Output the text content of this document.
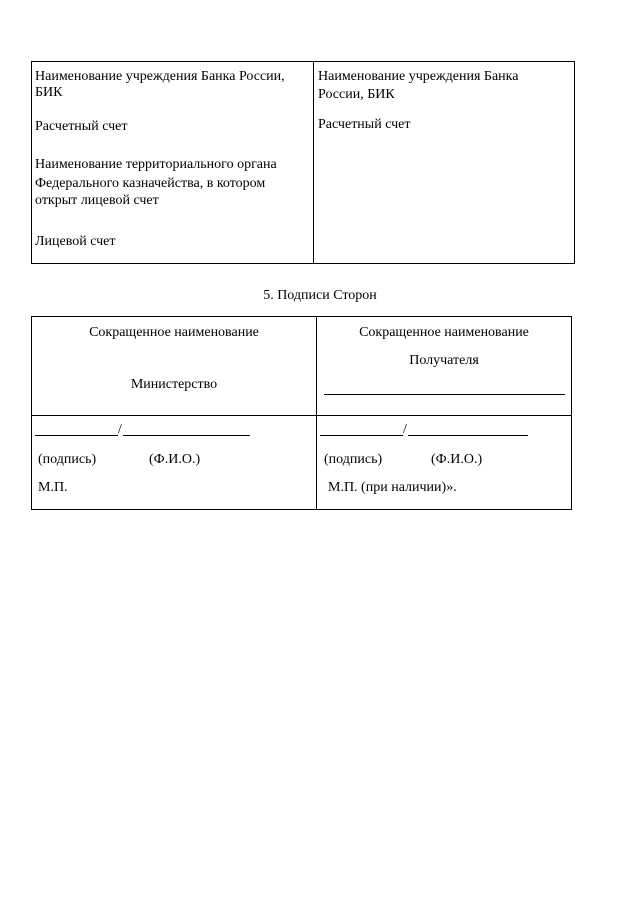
Наименование учреждения Банка России,
БИК
Расчетный счет
Наименование территориального органа
Федерального казначейства, в котором
открыт лицевой счет
Лицевой счет
Наименование учреждения Банка
России, БИК
Расчетный счет
5. Подписи Сторон
Сокращенное наименование
Министерство
Сокращенное наименование
Получателя
/
(подпись)	(Ф.И.О.)
М.П.
/
(подпись)	(Ф.И.О.)
М.П. (при наличии)».
